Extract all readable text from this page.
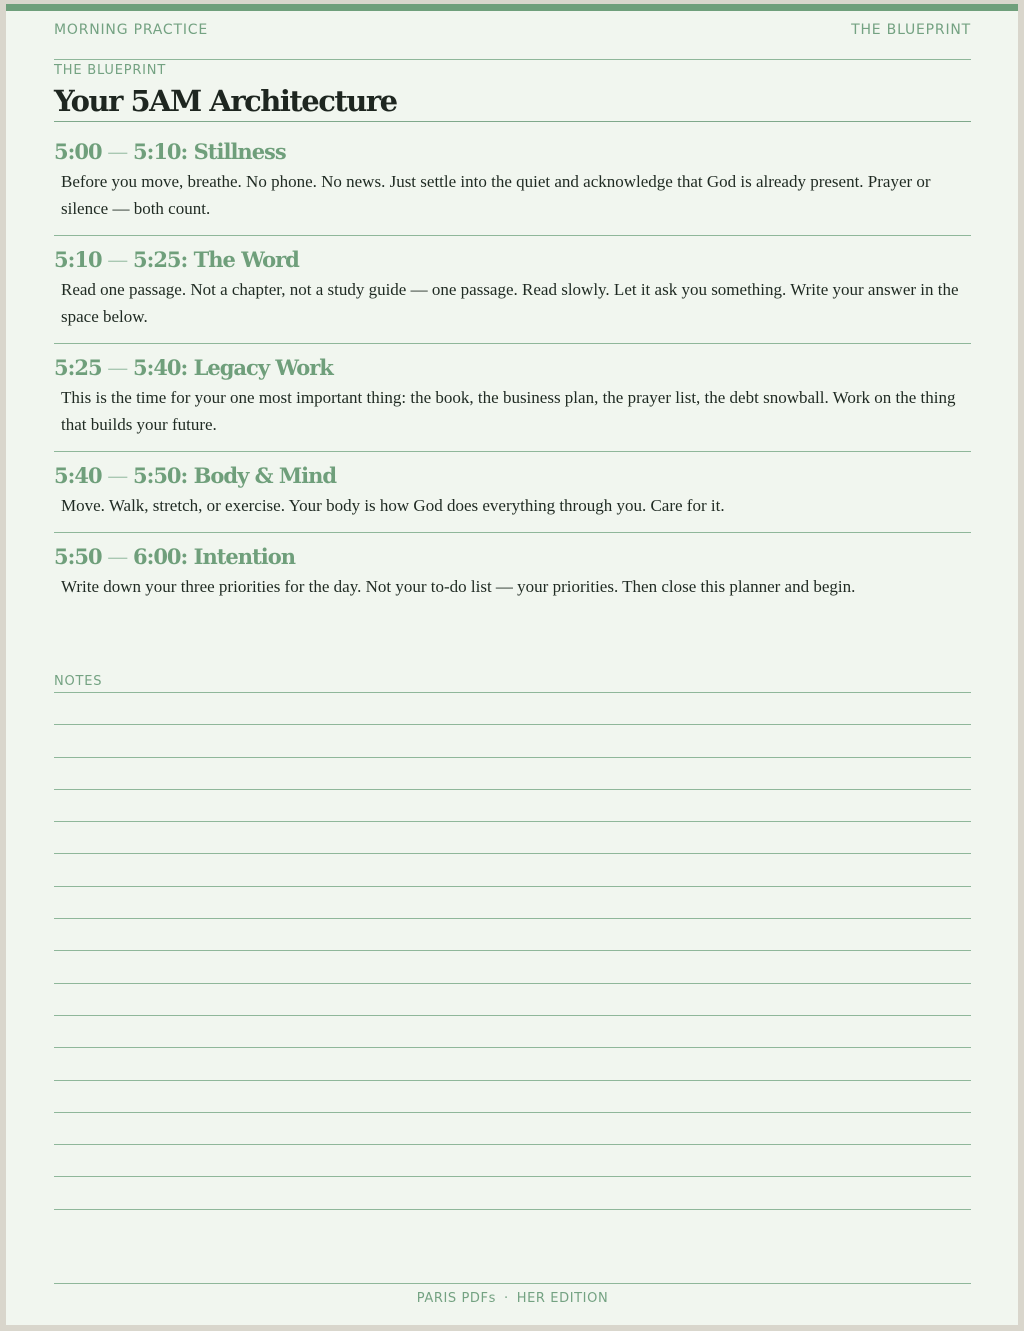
MORNING PRACTICE	THE BLUEPRINT
THE BLUEPRINT
Your 5AM Architecture
5:00 — 5:10: Stillness

Before you move, breathe. No phone. No news. Just settle into the quiet and acknowledge that God is already present. Prayer or silence — both count.

5:10 — 5:25: The Word

Read one passage. Not a chapter, not a study guide — one passage. Read slowly. Let it ask you something. Write your answer in the space below.

5:25 — 5:40: Legacy Work

This is the time for your one most important thing: the book, the business plan, the prayer list, the debt snowball. Work on the thing that builds your future.

5:40 — 5:50: Body & Mind

Move. Walk, stretch, or exercise. Your body is how God does everything through you. Care for it.

5:50 — 6:00: Intention

Write down your three priorities for the day. Not your to-do list — your priorities. Then close this planner and begin.

NOTES
PARIS PDFs · HER EDITION
